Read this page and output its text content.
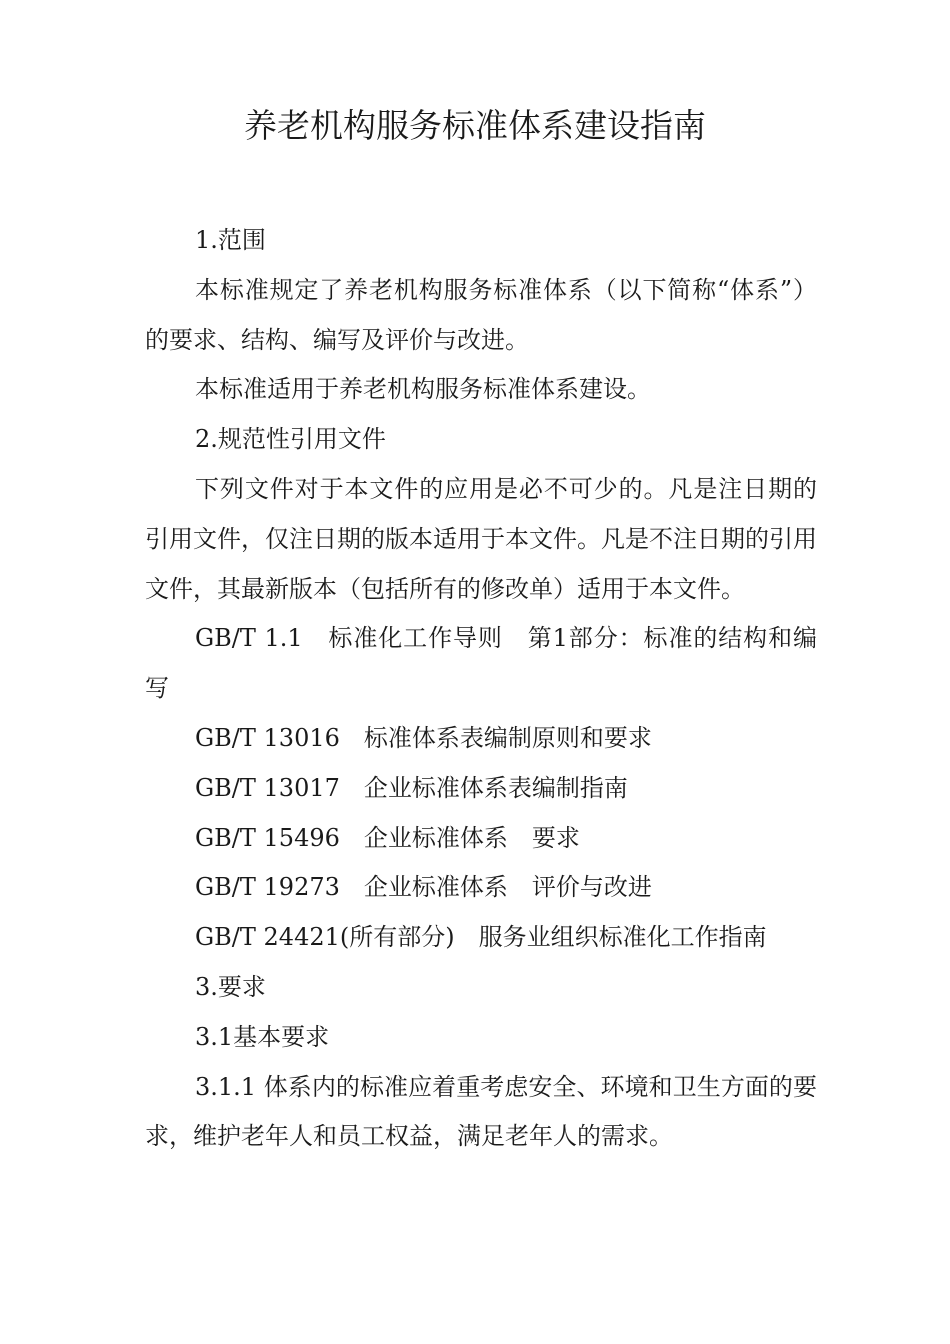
养老机构服务标准体系建设指南

1.范围

本标准规定了养老机构服务标准体系（以下简称“体系”）的要求、结构、编写及评价与改进。

本标准适用于养老机构服务标准体系建设。

2.规范性引用文件

下列文件对于本文件的应用是必不可少的。凡是注日期的引用文件，仅注日期的版本适用于本文件。凡是不注日期的引用文件，其最新版本（包括所有的修改单）适用于本文件。

GB/T 1.1　标准化工作导则　第1部分：标准的结构和编写

GB/T 13016　标准体系表编制原则和要求

GB/T 13017　企业标准体系表编制指南

GB/T 15496　企业标准体系　要求

GB/T 19273　企业标准体系　评价与改进

GB/T 24421(所有部分)　服务业组织标准化工作指南

3.要求

3.1基本要求

3.1.1 体系内的标准应着重考虑安全、环境和卫生方面的要求，维护老年人和员工权益，满足老年人的需求。
